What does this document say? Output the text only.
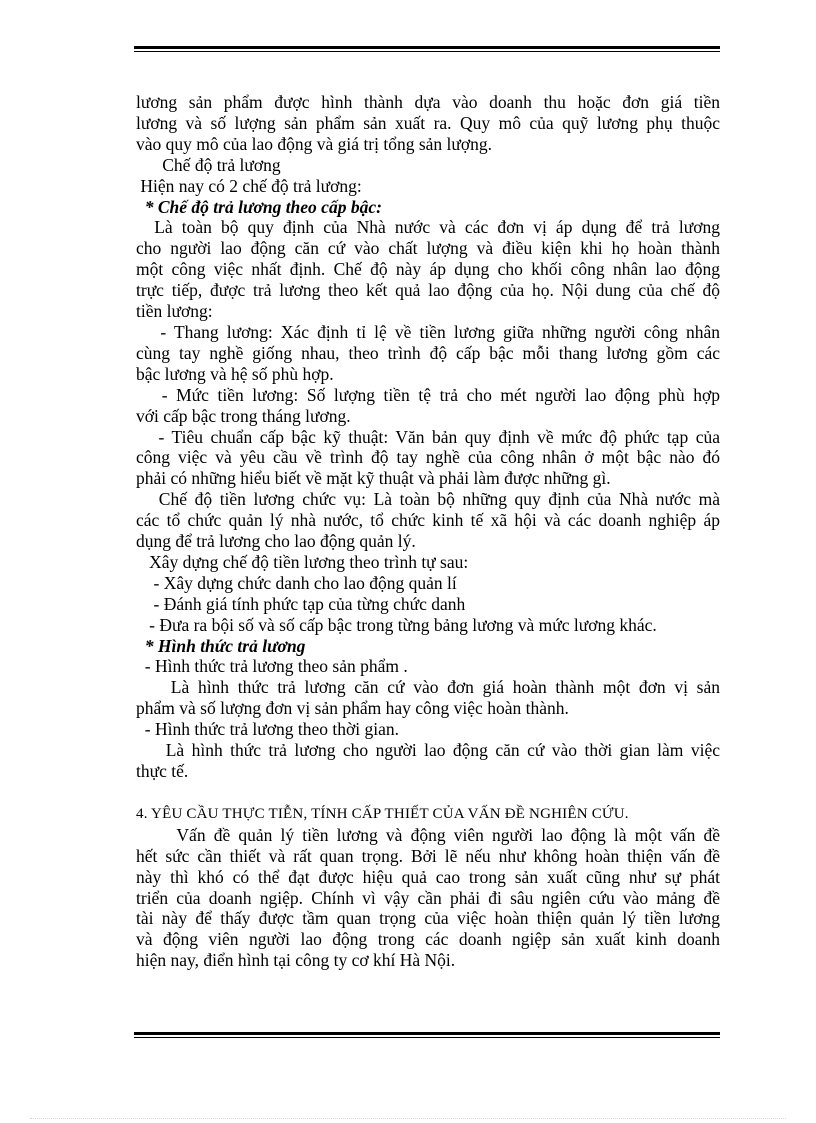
lương sản phẩm được hình thành dựa vào doanh thu hoặc đơn giá tiền

lương và số lượng sản phẩm sản xuất ra. Quy mô của quỹ lương phụ thuộc

vào quy mô của lao động và giá trị tổng sản lượng.

Chế độ trả lương

Hiện nay có 2 chế độ trả lương:

* Chế độ trả lương theo cấp bậc:

Là toàn bộ quy định của Nhà nước và các đơn vị áp dụng để trả lương

cho người lao động căn cứ vào chất lượng và điều kiện khi họ hoàn thành

một công việc nhất định. Chế độ này áp dụng cho khối công nhân lao động

trực tiếp, được trả lương theo kết quả lao động của họ. Nội dung của chế độ

tiền lương:

- Thang lương: Xác định tỉ lệ về tiền lương giữa những người công nhân

cùng tay nghề giống nhau, theo trình độ cấp bậc mỗi thang lương gồm các

bậc lương và hệ số phù hợp.

- Mức tiền lương: Số lượng tiền tệ trả cho mét người lao động phù hợp

với cấp bậc trong tháng lương.

- Tiêu chuẩn cấp bậc kỹ thuật: Văn bản quy định về mức độ phức tạp của

công việc và yêu cầu về trình độ tay nghề của công nhân ở một bậc nào đó

phải có những hiểu biết về mặt kỹ thuật và phải làm được những gì.

Chế độ tiền lương chức vụ: Là toàn bộ những quy định của Nhà nước mà

các tổ chức quản lý nhà nước, tổ chức kinh tế xã hội và các doanh nghiệp áp

dụng để trả lương cho lao động quản lý.

Xây dựng chế độ tiền lương theo trình tự sau:

- Xây dựng chức danh cho lao động quản lí

- Đánh giá tính phức tạp của từng chức danh

- Đưa ra bội số và số cấp bậc trong từng bảng lương và mức lương khác.

* Hình thức trả lương

- Hình thức trả lương theo sản phẩm .

Là hình thức trả lương căn cứ vào đơn giá hoàn thành một đơn vị sản

phẩm và số lượng đơn vị sản phẩm hay công việc hoàn thành.

- Hình thức trả lương theo thời gian.

Là hình thức trả lương cho người lao động căn cứ vào thời gian làm việc

thực tế.

4. YÊU CẦU THỰC TIỄN, TÍNH CẤP THIẾT CỦA VẤN ĐỀ NGHIÊN CỨU.

Vấn đề quản lý tiền lương và động viên người lao động là một vấn đề

hết sức cần thiết và rất quan trọng. Bởi lẽ nếu như không hoàn thiện vấn đề

này thì khó có thể đạt được hiệu quả cao trong sản xuất cũng như sự phát

triển của doanh ngiệp. Chính vì vậy cần phải đi sâu ngiên cứu vào mảng đề

tài này để thấy được tầm quan trọng của việc hoàn thiện quản lý tiền lương

và động viên người lao động trong các doanh ngiệp sản xuất kinh doanh

hiện nay, điển hình tại công ty cơ khí Hà Nội.
